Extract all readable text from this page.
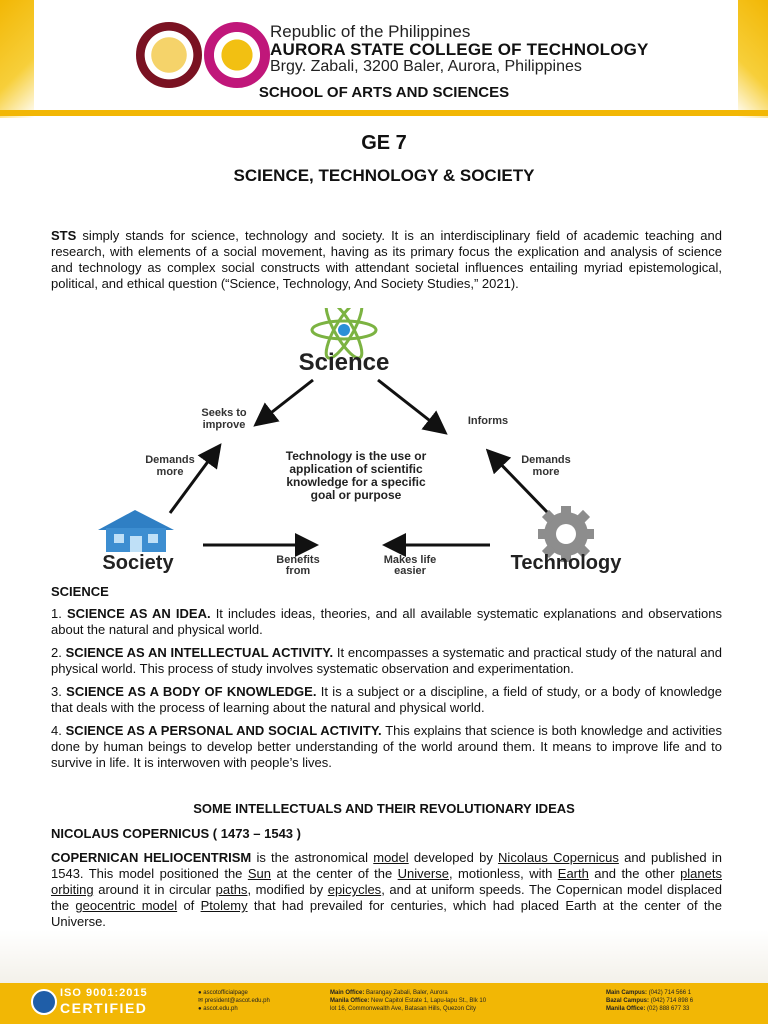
Republic of the Philippines
AURORA STATE COLLEGE OF TECHNOLOGY
Brgy. Zabali, 3200 Baler, Aurora, Philippines
SCHOOL OF ARTS AND SCIENCES
GE 7
SCIENCE, TECHNOLOGY & SOCIETY
STS simply stands for science, technology and society. It is an interdisciplinary field of academic teaching and research, with elements of a social movement, having as its primary focus the explication and analysis of science and technology as complex social constructs with attendant societal influences entailing myriad epistemological, political, and ethical question (“Science, Technology, And Society Studies,” 2021).
Science
Seeks to
improve	Informs
Demands
more
Demands
more
Benefits
from
Makes life
easier
Technology is the use or
application of scientific
knowledge for a specific
goal or purpose
Society	Technology
SCIENCE
1. SCIENCE AS AN IDEA. It includes ideas, theories, and all available systematic explanations and observations about the natural and physical world.
2. SCIENCE AS AN INTELLECTUAL ACTIVITY. It encompasses a systematic and practical study of the natural and physical world. This process of study involves systematic observation and experimentation.
3. SCIENCE AS A BODY OF KNOWLEDGE. It is a subject or a discipline, a field of study, or a body of knowledge that deals with the process of learning about the natural and physical world.
4. SCIENCE AS A PERSONAL AND SOCIAL ACTIVITY. This explains that science is both knowledge and activities done by human beings to develop better understanding of the world around them. It means to improve life and to survive in life. It is interwoven with people’s lives.
SOME INTELLECTUALS AND THEIR REVOLUTIONARY IDEAS
NICOLAUS COPERNICUS ( 1473 – 1543 )
COPERNICAN HELIOCENTRISM is the astronomical model developed by Nicolaus Copernicus and published in 1543. This model positioned the Sun at the center of the Universe, motionless, with Earth and the other planets orbiting around it in circular paths, modified by epicycles, and at uniform speeds. The Copernican model displaced the geocentric model of Ptolemy that had prevailed for centuries, which had placed Earth at the center of the Universe.
ISO 9001:2015
CERTIFIED
● ascotofficialpage
✉ president@ascot.edu.ph
● ascot.edu.ph
Main Office: Barangay Zabali, Baler, Aurora
Manila Office: New Capitol Estate 1, Lapu-lapu St., Blk 10
lot 16, Commonwealth Ave, Batasan Hills, Quezon City
Main Campus: (042) 714 566 1
Bazal Campus: (042) 714 898 6
Manila Office: (02) 888 677 33
